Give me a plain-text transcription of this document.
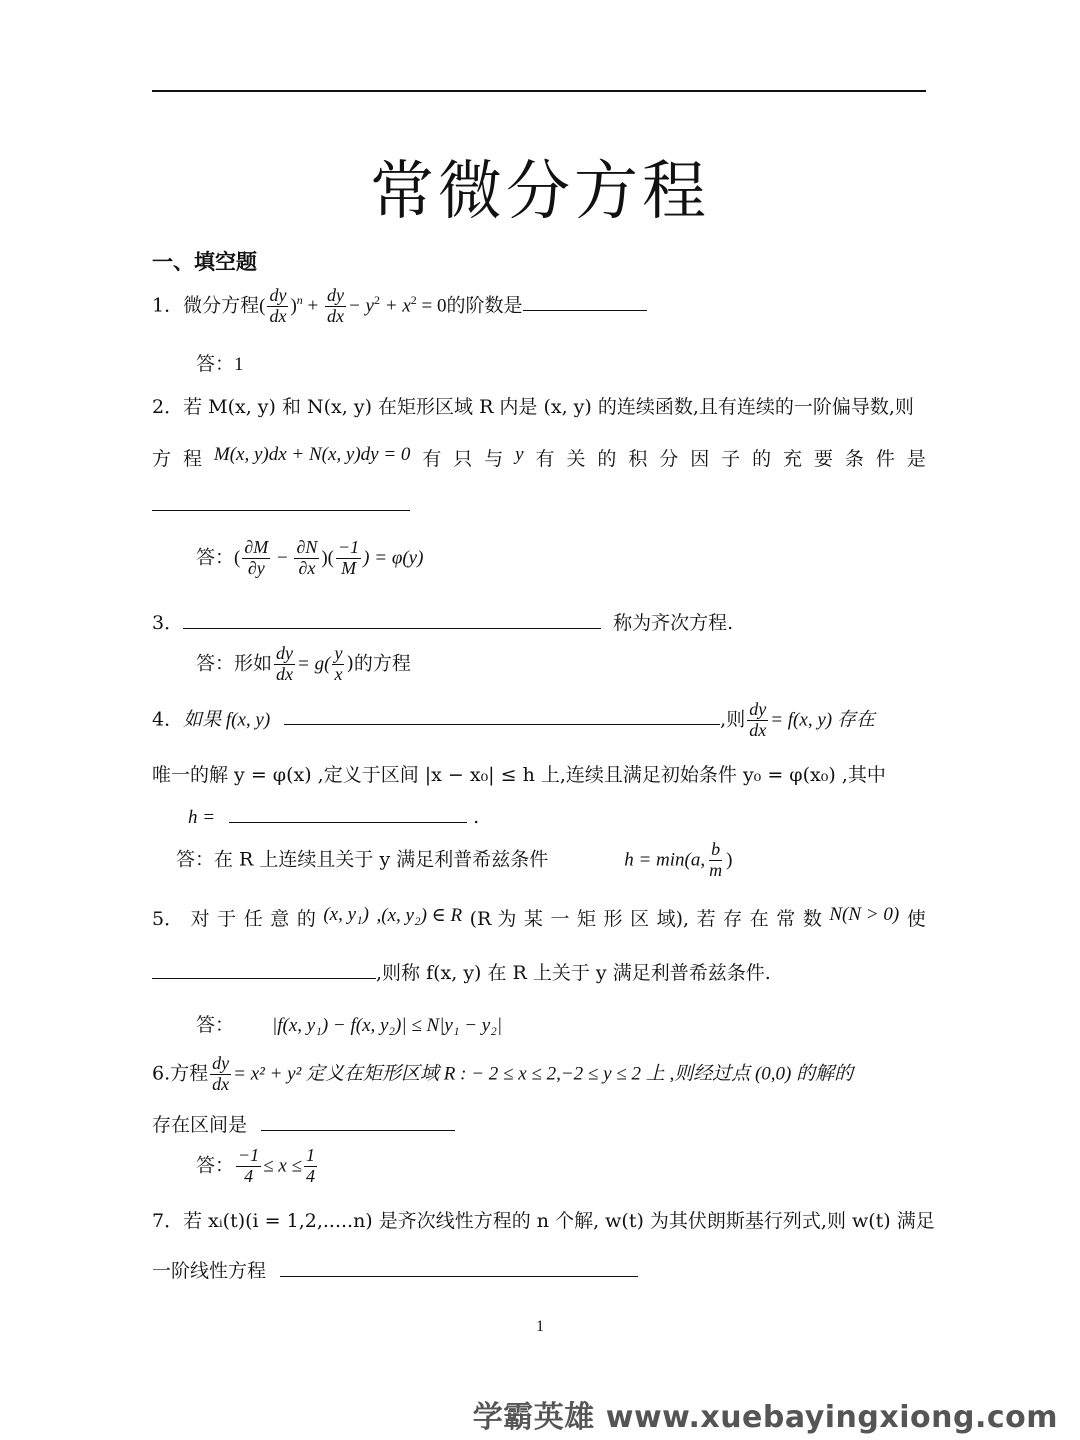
常微分方程
一、填空题
1．微分方程( $\frac{dy}{dx} )^n + \frac{dy}{dx} - y^2 + x^2 = 0$的阶数是
答：1
2．若 M(x, y) 和 N(x, y) 在矩形区域 R 内是 (x, y) 的连续函数,且有连续的一阶偏导数,则
方 程 M(x, y)dx + N(x, y)dy = 0 有 只 与 y 有 关 的 积 分 因 子 的 充 要 条 件 是
答：( $\frac{\partial M}{\partial y} - \frac{\partial N}{\partial x}$ )( $\frac{-1}{M}$ ) = φ(y)
3．	称为齐次方程.
答：形如 $\frac{dy}{dx} = g( \frac{y}{x}$ )的方程
4．如果 f(x, y)	,则 $\frac{dy}{dx} = f(x$, y) 存在
唯一的解 y = φ(x) ,定义于区间 |x − x₀| ≤ h 上,连续且满足初始条件 y₀ = φ(x₀) ,其中
h =	.
答：在 R 上连续且关于 y 满足利普希兹条件	h = min(a, $\frac{b}{m}$ )
5． 对 于 任 意 的 (x, y₁) ,(x, y₂) ∈ R (R 为 某 一 矩 形 区 域), 若 存 在 常 数 N(N > 0) 使
,则称 f(x, y) 在 R 上关于 y 满足利普希兹条件.
答： |f(x, y₁) − f(x, y₂)| ≤ N|y₁ − y₂|
6.方程 $\frac{dy}{dx} = x^2 + y^2$ 定义在矩形区域 R : − 2 ≤ x ≤ 2,−2 ≤ y ≤ 2 上 ,则经过点 (0,0) 的解的
存在区间是
答： $\frac{-1}{4} \le x \le \frac{1}{4}$
7．若 xᵢ(t)(i = 1,2,.....n) 是齐次线性方程的 n 个解, w(t) 为其伏朗斯基行列式,则 w(t) 满足
一阶线性方程
1
学霸英雄 www.xuebayingxiong.com
